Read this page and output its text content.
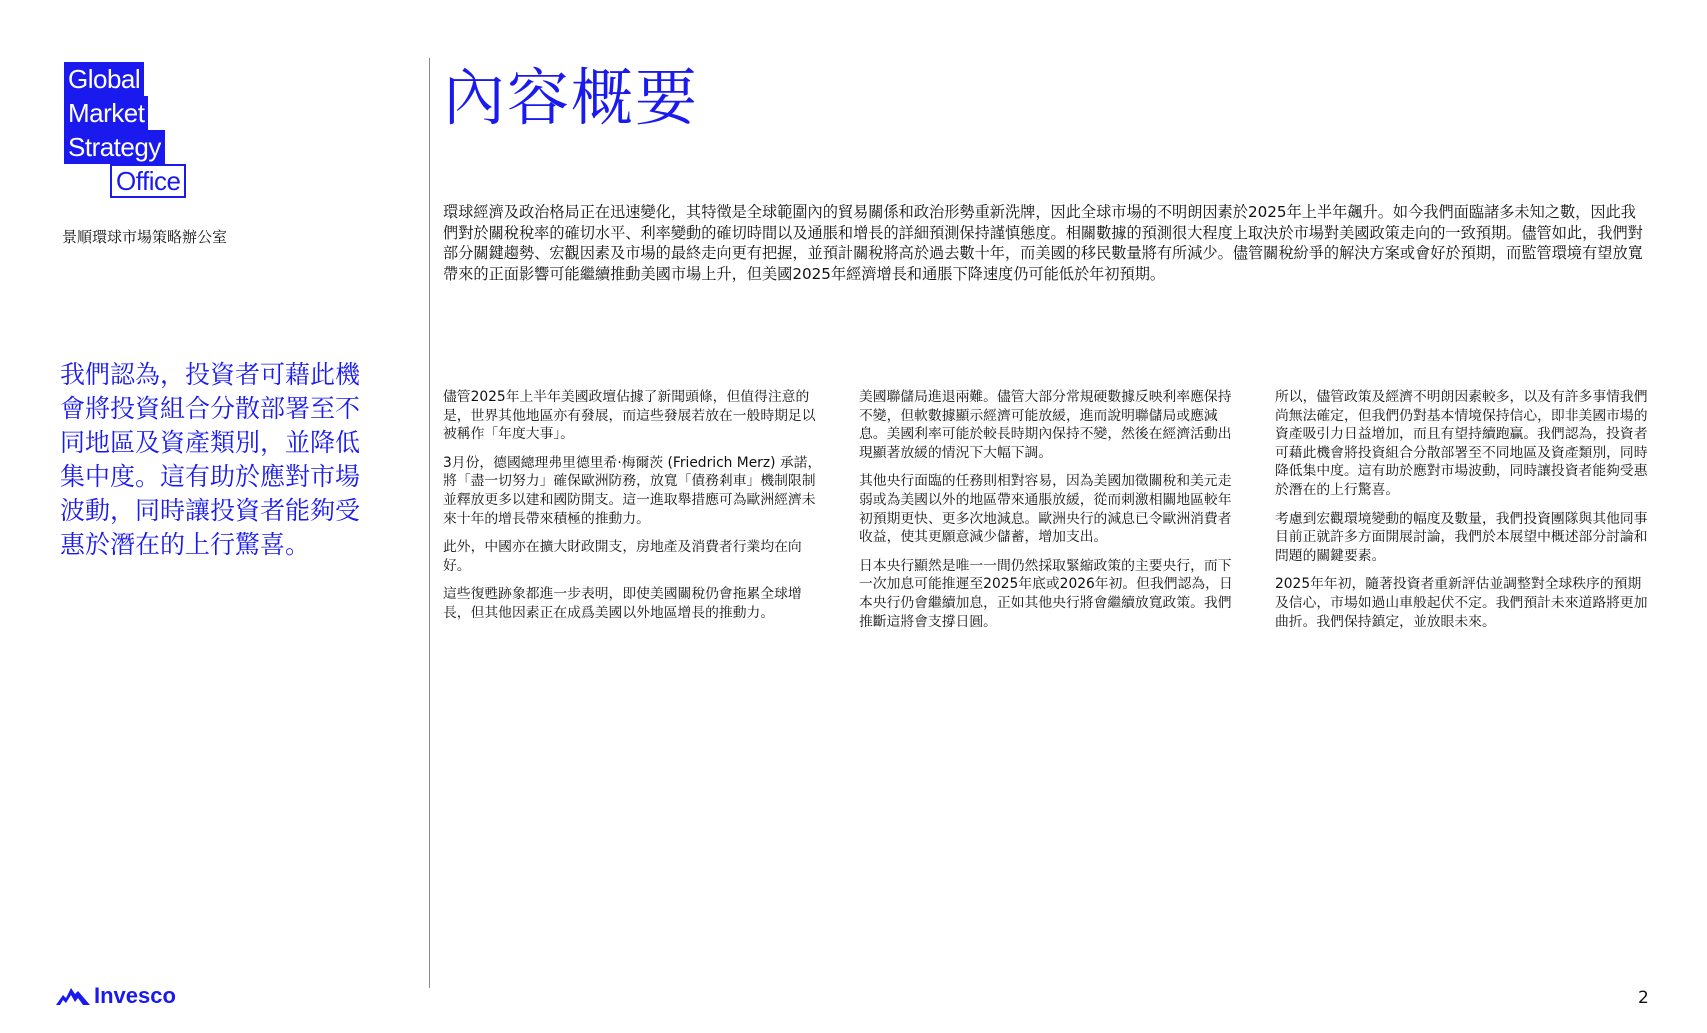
Global
Market
Strategy
Office
景順環球市場策略辦公室
我們認為，投資者可藉此機會將投資組合分散部署至不同地區及資產類別，並降低集中度。這有助於應對市場波動，同時讓投資者能夠受惠於潛在的上行驚喜。
內容概要
環球經濟及政治格局正在迅速變化，其特徵是全球範圍內的貿易關係和政治形勢重新洗牌，因此全球市場的不明朗因素於2025年上半年飆升。如今我們面臨諸多未知之數，因此我們對於關稅稅率的確切水平、利率變動的確切時間以及通脹和增長的詳細預測保持謹慎態度。相關數據的預測很大程度上取決於市場對美國政策走向的一致預期。儘管如此，我們對部分關鍵趨勢、宏觀因素及市場的最終走向更有把握，並預計關稅將高於過去數十年，而美國的移民數量將有所減少。儘管關稅紛爭的解決方案或會好於預期，而監管環境有望放寬帶來的正面影響可能繼續推動美國市場上升，但美國2025年經濟增長和通脹下降速度仍可能低於年初預期。

儘管2025年上半年美國政壇佔據了新聞頭條，但值得注意的是，世界其他地區亦有發展，而這些發展若放在一般時期足以被稱作「年度大事」。

3月份，德國總理弗里德里希·梅爾茨 (Friedrich Merz) 承諾，將「盡一切努力」確保歐洲防務，放寬「債務剎車」機制限制並釋放更多以建和國防開支。這一進取舉措應可為歐洲經濟未來十年的增長帶來積極的推動力。

此外，中國亦在擴大財政開支，房地產及消費者行業均在向好。

這些復甦跡象都進一步表明，即使美國關稅仍會拖累全球增長，但其他因素正在成爲美國以外地區增長的推動力。

美國聯儲局進退兩難。儘管大部分常規硬數據反映利率應保持不變，但軟數據顯示經濟可能放緩，進而說明聯儲局或應減息。美國利率可能於較長時期內保持不變，然後在經濟活動出現顯著放緩的情況下大幅下調。

其他央行面臨的任務則相對容易，因為美國加徵關稅和美元走弱或為美國以外的地區帶來通脹放緩，從而刺激相關地區較年初預期更快、更多次地減息。歐洲央行的減息已令歐洲消費者收益，使其更願意減少儲蓄，增加支出。

日本央行顯然是唯一一間仍然採取緊縮政策的主要央行，而下一次加息可能推遲至2025年底或2026年初。但我們認為，日本央行仍會繼續加息，正如其他央行將會繼續放寬政策。我們推斷這將會支撐日圓。

所以，儘管政策及經濟不明朗因素較多，以及有許多事情我們尚無法確定，但我們仍對基本情境保持信心，即非美國市場的資產吸引力日益增加，而且有望持續跑贏。我們認為，投資者可藉此機會將投資組合分散部署至不同地區及資產類別，同時降低集中度。這有助於應對市場波動，同時讓投資者能夠受惠於潛在的上行驚喜。

考慮到宏觀環境變動的幅度及數量，我們投資團隊與其他同事目前正就許多方面開展討論，我們於本展望中概述部分討論和問題的關鍵要素。

2025年年初，隨著投資者重新評估並調整對全球秩序的預期及信心，市場如過山車般起伏不定。我們預計未來道路將更加曲折。我們保持鎮定，並放眼未來。

Invesco	2
